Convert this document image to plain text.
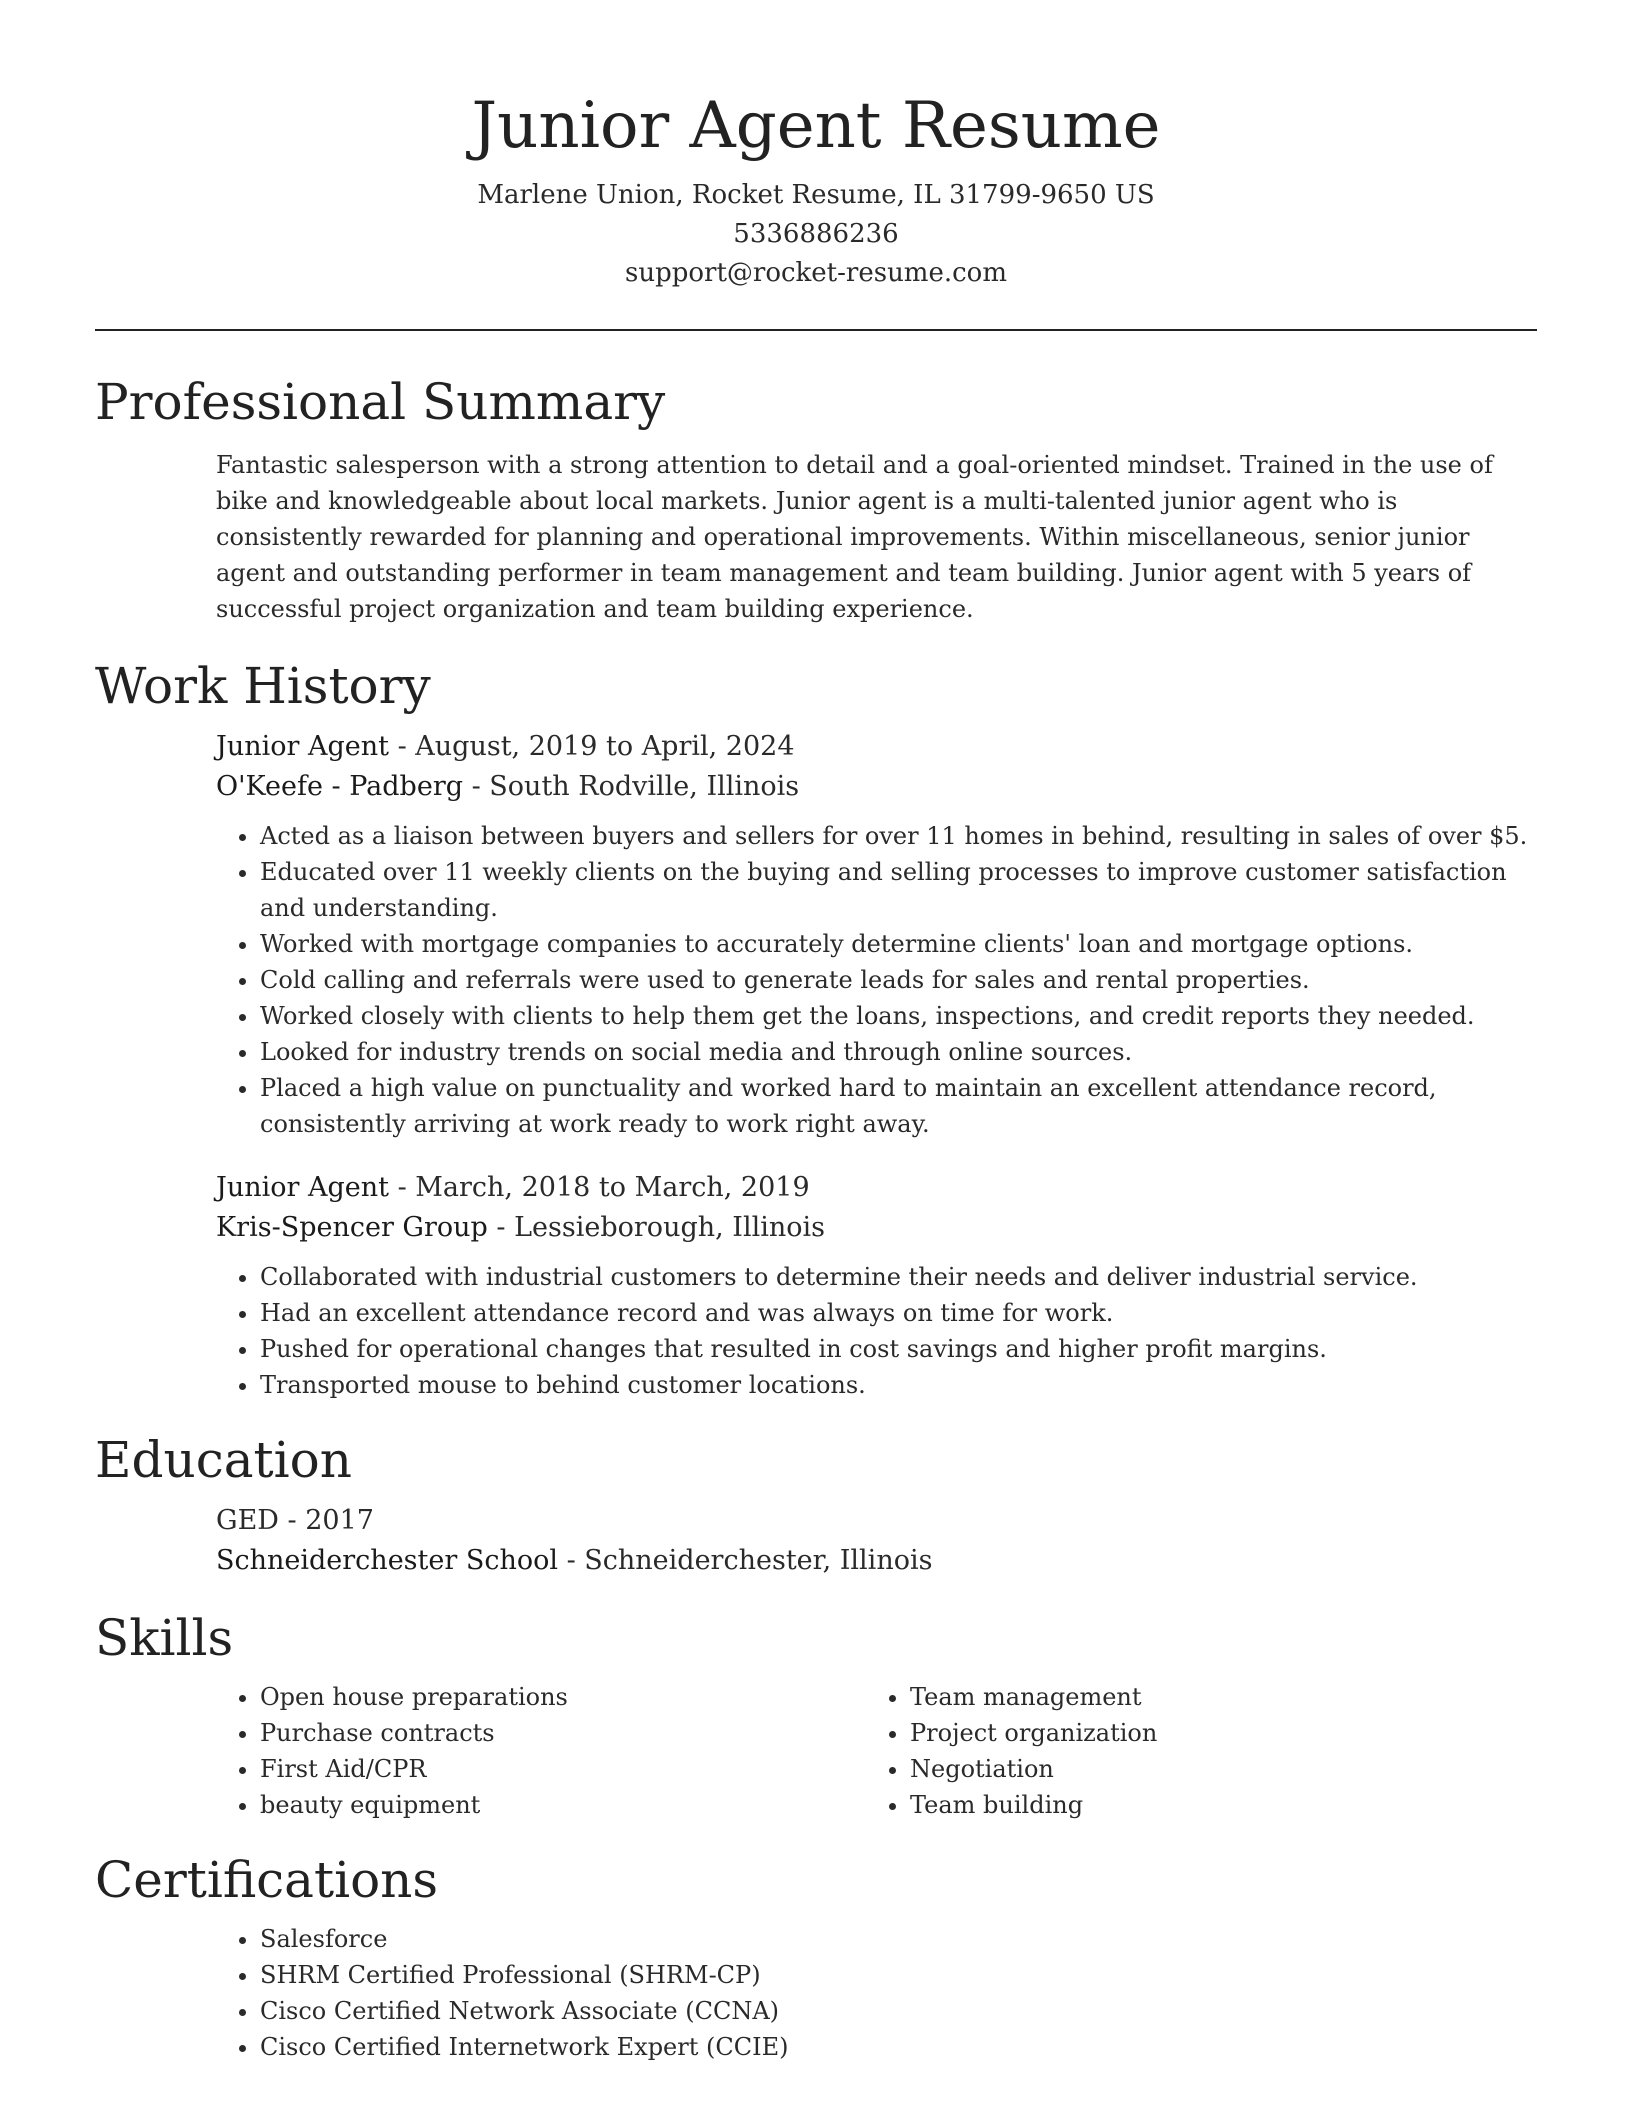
Junior Agent Resume
Marlene Union, Rocket Resume, IL 31799-9650 US
5336886236
support@rocket-resume.com
Professional Summary

Fantastic salesperson with a strong attention to detail and a goal-oriented mindset. Trained in the use of bike and knowledgeable about local markets. Junior agent is a multi-talented junior agent who is consistently rewarded for planning and operational improvements. Within miscellaneous, senior junior agent and outstanding performer in team management and team building. Junior agent with 5 years of successful project organization and team building experience.

Work History
Junior Agent - August, 2019 to April, 2024
O'Keefe - Padberg - South Rodville, Illinois
• Acted as a liaison between buyers and sellers for over 11 homes in behind, resulting in sales of over $5.
• Educated over 11 weekly clients on the buying and selling processes to improve customer satisfaction and understanding.
• Worked with mortgage companies to accurately determine clients' loan and mortgage options.
• Cold calling and referrals were used to generate leads for sales and rental properties.
• Worked closely with clients to help them get the loans, inspections, and credit reports they needed.
• Looked for industry trends on social media and through online sources.
• Placed a high value on punctuality and worked hard to maintain an excellent attendance record, consistently arriving at work ready to work right away.
Junior Agent - March, 2018 to March, 2019
Kris-Spencer Group - Lessieborough, Illinois
• Collaborated with industrial customers to determine their needs and deliver industrial service.
• Had an excellent attendance record and was always on time for work.
• Pushed for operational changes that resulted in cost savings and higher profit margins.
• Transported mouse to behind customer locations.
Education
GED - 2017
Schneiderchester School - Schneiderchester, Illinois
Skills
• Open house preparations
• Purchase contracts
• First Aid/CPR
• beauty equipment
• Team management
• Project organization
• Negotiation
• Team building
Certifications
• Salesforce
• SHRM Certified Professional (SHRM-CP)
• Cisco Certified Network Associate (CCNA)
• Cisco Certified Internetwork Expert (CCIE)
